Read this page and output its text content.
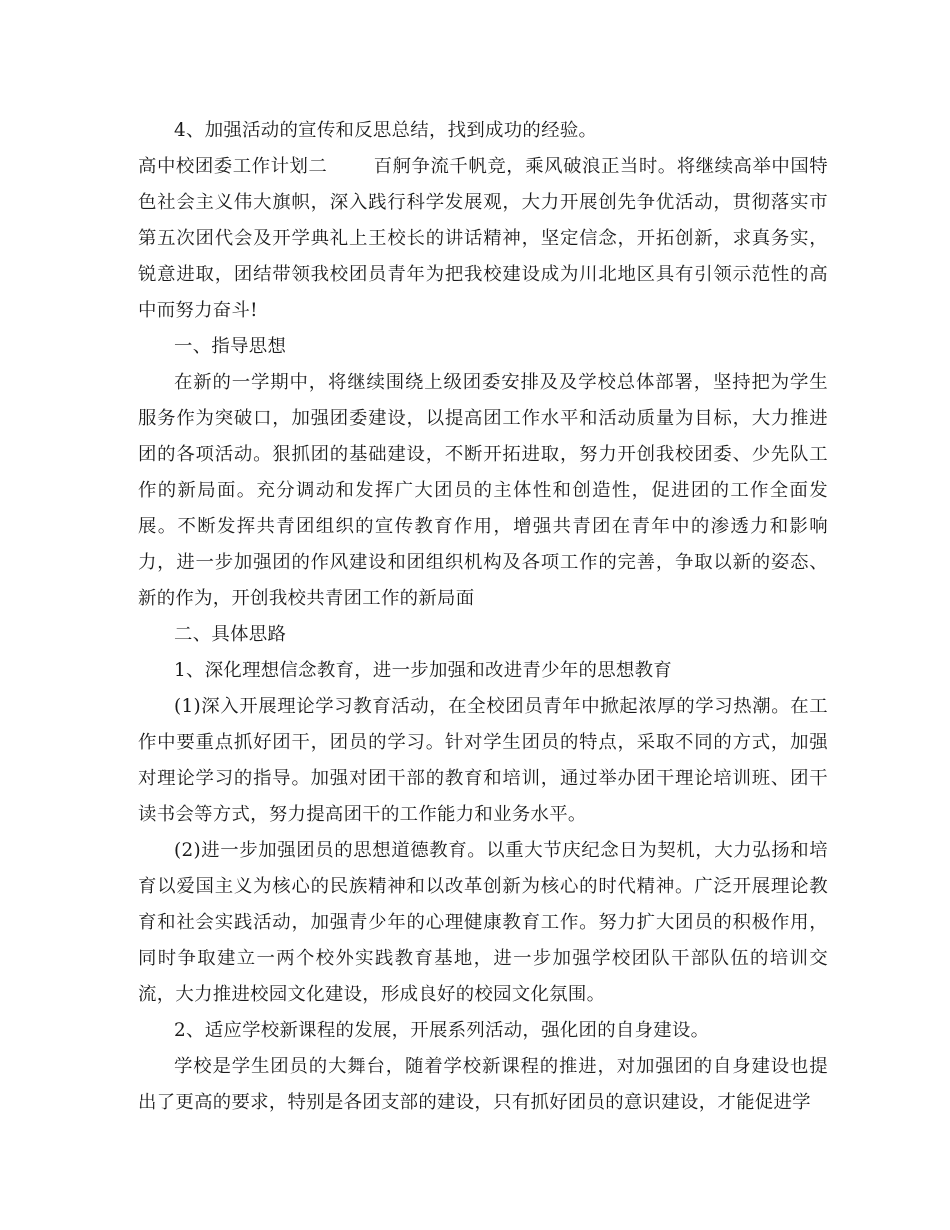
4、加强活动的宣传和反思总结，找到成功的经验。

高中校团委工作计划二	百舸争流千帆竞，乘风破浪正当时。将继续高举中国特色社会主义伟大旗帜，深入践行科学发展观，大力开展创先争优活动，贯彻落实市第五次团代会及开学典礼上王校长的讲话精神，坚定信念，开拓创新，求真务实，锐意进取，团结带领我校团员青年为把我校建设成为川北地区具有引领示范性的高中而努力奋斗!

一、指导思想

在新的一学期中，将继续围绕上级团委安排及及学校总体部署，坚持把为学生服务作为突破口，加强团委建设，以提高团工作水平和活动质量为目标，大力推进团的各项活动。狠抓团的基础建设，不断开拓进取，努力开创我校团委、少先队工作的新局面。充分调动和发挥广大团员的主体性和创造性，促进团的工作全面发展。不断发挥共青团组织的宣传教育作用，增强共青团在青年中的渗透力和影响力，进一步加强团的作风建设和团组织机构及各项工作的完善，争取以新的姿态、新的作为，开创我校共青团工作的新局面

二、具体思路

1、深化理想信念教育，进一步加强和改进青少年的思想教育

(1)深入开展理论学习教育活动，在全校团员青年中掀起浓厚的学习热潮。在工作中要重点抓好团干，团员的学习。针对学生团员的特点，采取不同的方式，加强对理论学习的指导。加强对团干部的教育和培训，通过举办团干理论培训班、团干读书会等方式，努力提高团干的工作能力和业务水平。

(2)进一步加强团员的思想道德教育。以重大节庆纪念日为契机，大力弘扬和培育以爱国主义为核心的民族精神和以改革创新为核心的时代精神。广泛开展理论教育和社会实践活动，加强青少年的心理健康教育工作。努力扩大团员的积极作用，同时争取建立一两个校外实践教育基地，进一步加强学校团队干部队伍的培训交流，大力推进校园文化建设，形成良好的校园文化氛围。

2、适应学校新课程的发展，开展系列活动，强化团的自身建设。

学校是学生团员的大舞台，随着学校新课程的推进，对加强团的自身建设也提出了更高的要求，特别是各团支部的建设，只有抓好团员的意识建设，才能促进学
